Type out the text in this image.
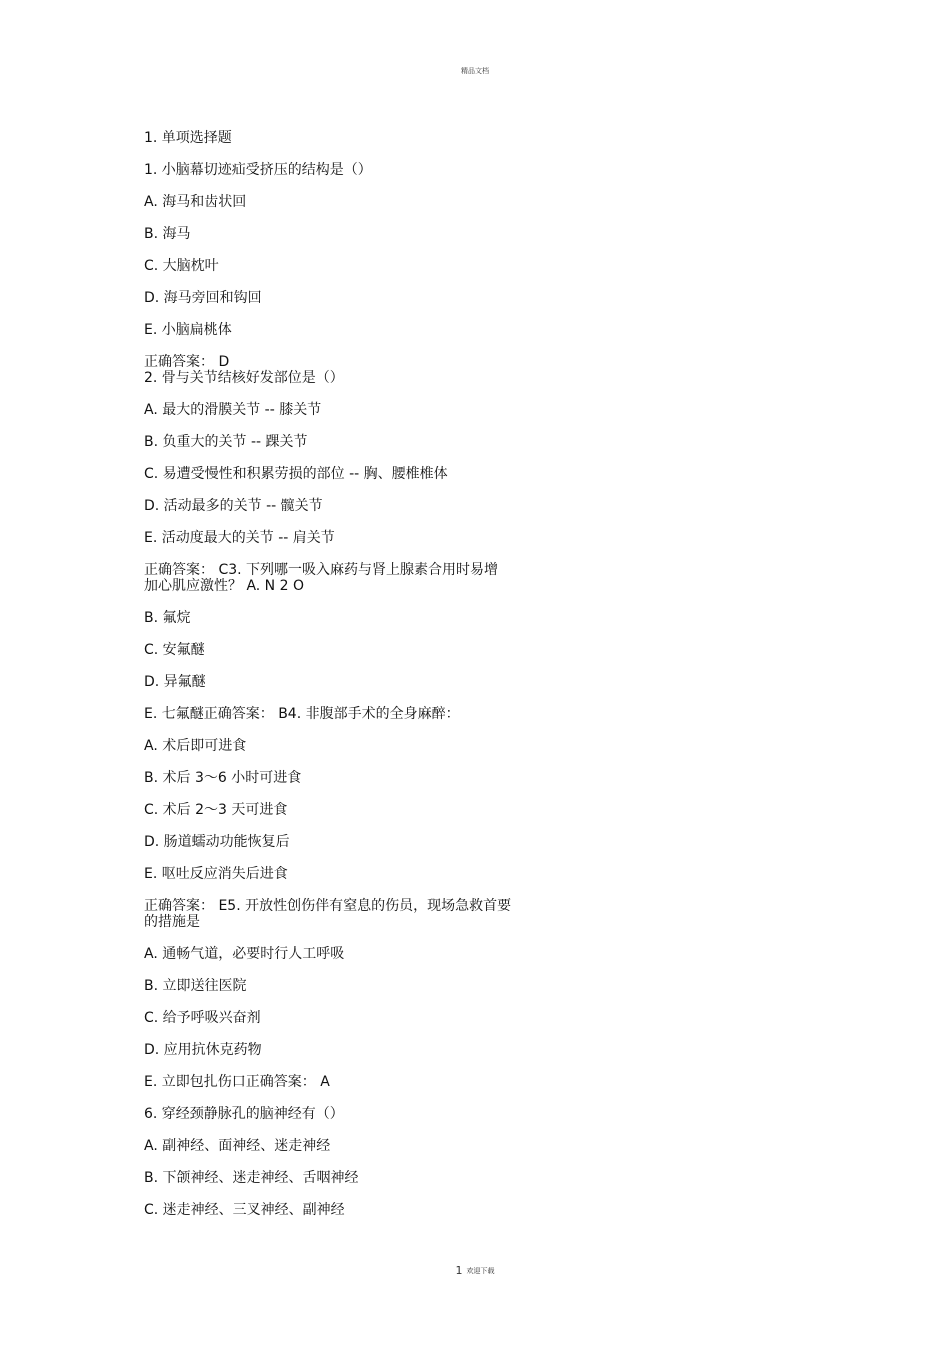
精品文档
1. 单项选择题
1. 小脑幕切迹疝受挤压的结构是（）
A. 海马和齿状回
B. 海马
C. 大脑枕叶
D. 海马旁回和钩回
E. 小脑扁桃体
正确答案： D
2. 骨与关节结核好发部位是（）
A. 最大的滑膜关节 -- 膝关节
B. 负重大的关节 -- 踝关节
C. 易遭受慢性和积累劳损的部位 -- 胸、腰椎椎体
D. 活动最多的关节 -- 髋关节
E. 活动度最大的关节 -- 肩关节
正确答案： C3. 下列哪一吸入麻药与肾上腺素合用时易增
加心肌应激性？ A. N 2 O
B. 氟烷
C. 安氟醚
D. 异氟醚
E. 七氟醚正确答案： B4. 非腹部手术的全身麻醉：
A. 术后即可进食
B. 术后 3～6 小时可进食
C. 术后 2～3 天可进食
D. 肠道蠕动功能恢复后
E. 呕吐反应消失后进食
正确答案： E5. 开放性创伤伴有窒息的伤员，现场急救首要
的措施是
A. 通畅气道，必要时行人工呼吸
B. 立即送往医院
C. 给予呼吸兴奋剂
D. 应用抗休克药物
E. 立即包扎伤口正确答案： A
6. 穿经颈静脉孔的脑神经有（）
A. 副神经、面神经、迷走神经
B. 下颌神经、迷走神经、舌咽神经
C. 迷走神经、三叉神经、副神经
1 欢迎下载
